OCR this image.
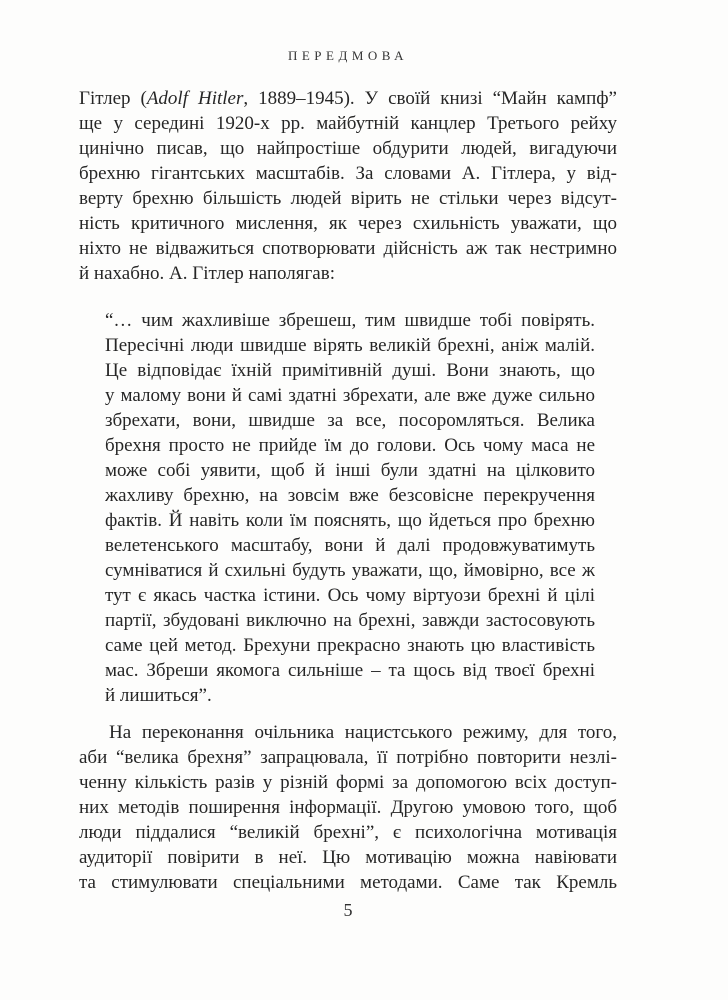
ПЕРЕДМОВА
Гітлер (Adolf Hitler, 1889–1945). У своїй книзі “Майн кампф”
ще у середині 1920-х рр. майбутній канцлер Третього рейху
цинічно писав, що найпростіше обдурити людей, вигадуючи
брехню гігантських масштабів. За словами А. Гітлера, у від-
верту брехню більшість людей вірить не стільки через відсут-
ність критичного мислення, як через схильність уважати, що
ніхто не відважиться спотворювати дійсність аж так нестримно
й нахабно. А. Гітлер наполягав:
“… чим жахливіше збрешеш, тим швидше тобі повірять.
Пересічні люди швидше вірять великій брехні, аніж малій.
Це відповідає їхній примітивній душі. Вони знають, що
у малому вони й самі здатні збрехати, але вже дуже сильно
збрехати, вони, швидше за все, посоромляться. Велика
брехня просто не прийде їм до голови. Ось чому маса не
може собі уявити, щоб й інші були здатні на цілковито
жахливу брехню, на зовсім вже безсовісне перекручення
фактів. Й навіть коли їм пояснять, що йдеться про брехню
велетенського масштабу, вони й далі продовжуватимуть
сумніватися й схильні будуть уважати, що, ймовірно, все ж
тут є якась частка істини. Ось чому віртуози брехні й цілі
партії, збудовані виключно на брехні, завжди застосовують
саме цей метод. Брехуни прекрасно знають цю властивість
мас. Збреши якомога сильніше – та щось від твоєї брехні
й лишиться”.
На переконання очільника нацистського режиму, для того,
аби “велика брехня” запрацювала, її потрібно повторити незлі-
ченну кількість разів у різній формі за допомогою всіх доступ-
них методів поширення інформації. Другою умовою того, щоб
люди піддалися “великій брехні”, є психологічна мотивація
аудиторії повірити в неї. Цю мотивацію можна навіювати
та стимулювати спеціальними методами. Саме так Кремль
5
